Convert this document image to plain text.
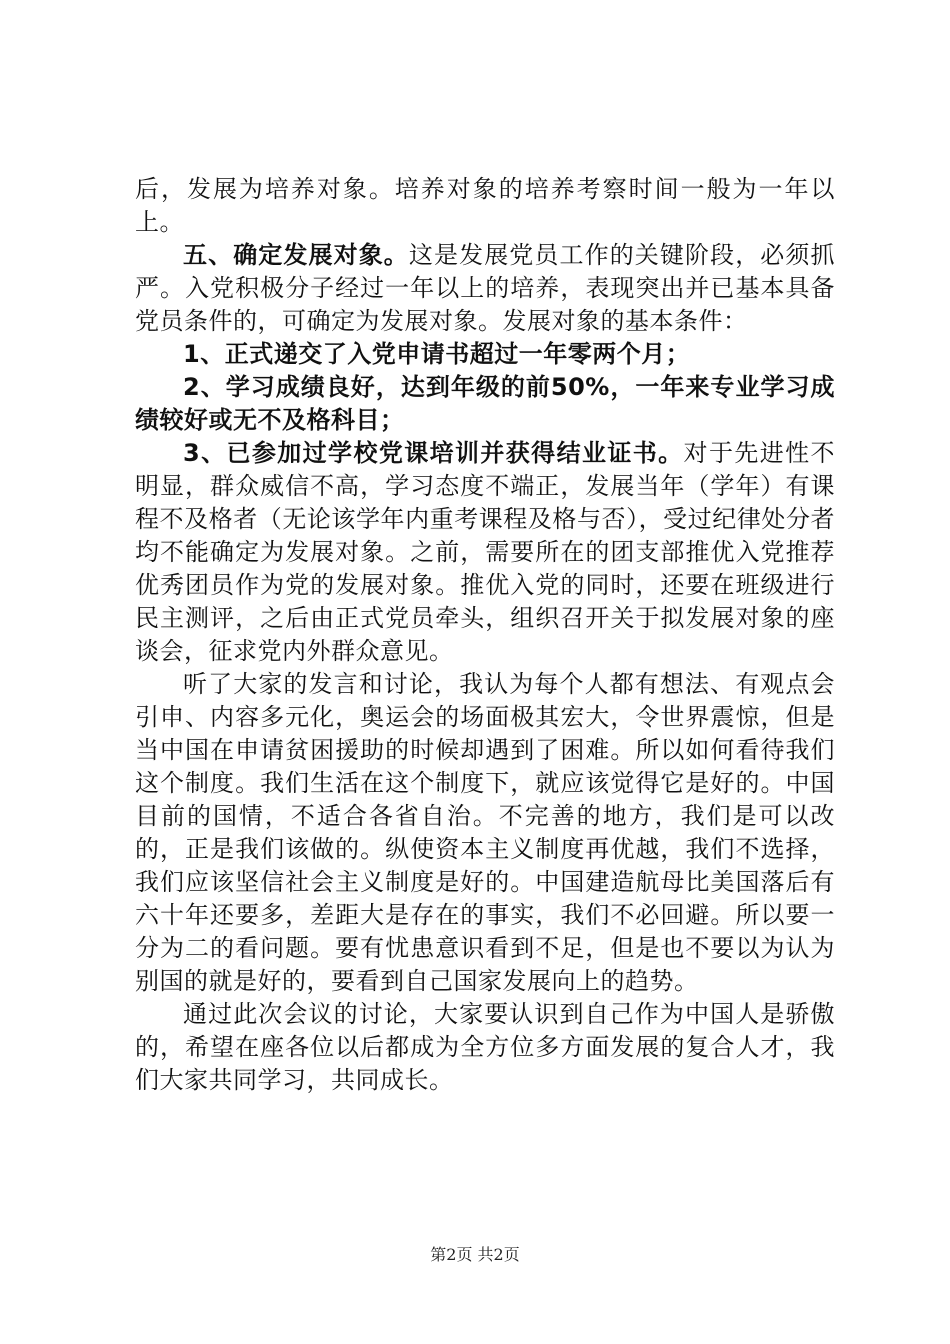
后，发展为培养对象。培养对象的培养考察时间一般为一年以上。

五、确定发展对象。这是发展党员工作的关键阶段，必须抓严。入党积极分子经过一年以上的培养，表现突出并已基本具备党员条件的，可确定为发展对象。发展对象的基本条件：

1、正式递交了入党申请书超过一年零两个月；

2、学习成绩良好，达到年级的前50%，一年来专业学习成绩较好或无不及格科目；

3、已参加过学校党课培训并获得结业证书。对于先进性不明显，群众威信不高，学习态度不端正，发展当年（学年）有课程不及格者（无论该学年内重考课程及格与否），受过纪律处分者均不能确定为发展对象。之前，需要所在的团支部推优入党推荐优秀团员作为党的发展对象。推优入党的同时，还要在班级进行民主测评，之后由正式党员牵头，组织召开关于拟发展对象的座谈会，征求党内外群众意见。

听了大家的发言和讨论，我认为每个人都有想法、有观点会引申、内容多元化，奥运会的场面极其宏大，令世界震惊，但是当中国在申请贫困援助的时候却遇到了困难。所以如何看待我们这个制度。我们生活在这个制度下，就应该觉得它是好的。中国目前的国情，不适合各省自治。不完善的地方，我们是可以改的，正是我们该做的。纵使资本主义制度再优越，我们不选择，我们应该坚信社会主义制度是好的。中国建造航母比美国落后有六十年还要多，差距大是存在的事实，我们不必回避。所以要一分为二的看问题。要有忧患意识看到不足，但是也不要以为认为别国的就是好的，要看到自己国家发展向上的趋势。

通过此次会议的讨论，大家要认识到自己作为中国人是骄傲的，希望在座各位以后都成为全方位多方面发展的复合人才，我们大家共同学习，共同成长。

第2页 共2页
